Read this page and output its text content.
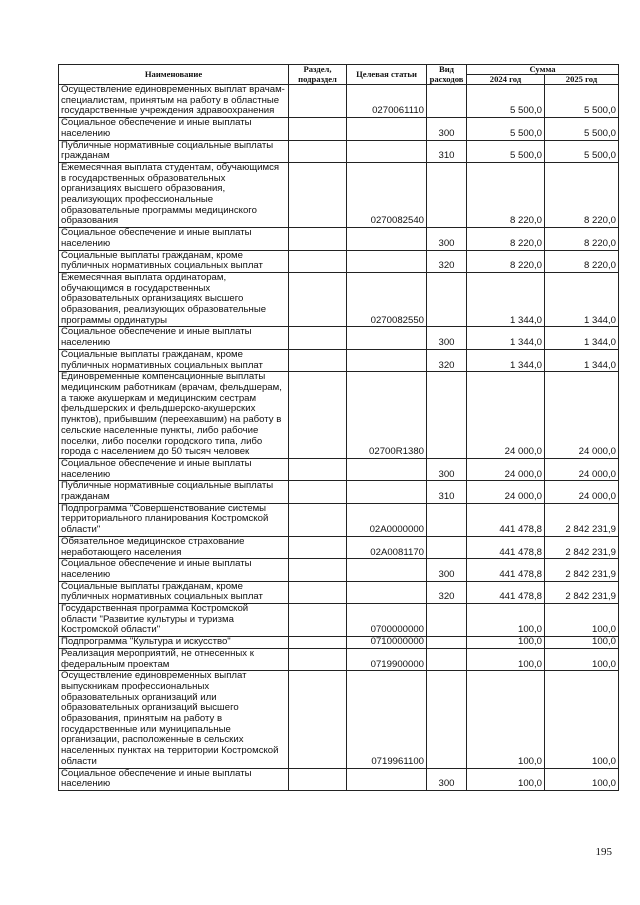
Наименование	Раздел, подраздел	Целевая статьи	Вид расходов	Сумма	
				2024 год	2025 год
Осуществление единовременных выплат врачам-специалистам, принятым на работу в областные государственные учреждения здравоохранения		0270061110		5 500,0	5 500,0
Социальное обеспечение и иные выплаты населению			300	5 500,0	5 500,0
Публичные нормативные социальные выплаты гражданам			310	5 500,0	5 500,0
Ежемесячная выплата студентам, обучающимся в государственных образовательных организациях высшего образования, реализующих профессиональные образовательные программы медицинского образования		0270082540		8 220,0	8 220,0
Социальное обеспечение и иные выплаты населению			300	8 220,0	8 220,0
Социальные выплаты гражданам, кроме публичных нормативных социальных выплат			320	8 220,0	8 220,0
Ежемесячная выплата ординаторам, обучающимся в государственных образовательных организациях высшего образования, реализующих образовательные программы ординатуры		0270082550		1 344,0	1 344,0
Социальное обеспечение и иные выплаты населению			300	1 344,0	1 344,0
Социальные выплаты гражданам, кроме публичных нормативных социальных выплат			320	1 344,0	1 344,0
Единовременные компенсационные выплаты медицинским работникам (врачам, фельдшерам, а также акушеркам и медицинским сестрам фельдшерских и фельдшерско-акушерских пунктов), прибывшим (переехавшим) на работу в сельские населенные пункты, либо рабочие поселки, либо поселки городского типа, либо города с населением до 50 тысяч человек		02700R1380		24 000,0	24 000,0
Социальное обеспечение и иные выплаты населению			300	24 000,0	24 000,0
Публичные нормативные социальные выплаты гражданам			310	24 000,0	24 000,0
Подпрограмма "Совершенствование системы территориального планирования Костромской области"		02А0000000		441 478,8	2 842 231,9
Обязательное медицинское страхование неработающего населения		02А0081170		441 478,8	2 842 231,9
Социальное обеспечение и иные выплаты населению			300	441 478,8	2 842 231,9
Социальные выплаты гражданам, кроме публичных нормативных социальных выплат			320	441 478,8	2 842 231,9
Государственная программа Костромской области "Развитие культуры и туризма Костромской области"		0700000000		100,0	100,0
Подпрограмма "Культура и искусство"		0710000000		100,0	100,0
Реализация мероприятий, не отнесенных к федеральным проектам		0719900000		100,0	100,0
Осуществление единовременных выплат выпускникам профессиональных образовательных организаций или образовательных организаций высшего образования, принятым на работу в государственные или муниципальные организации, расположенные в сельских населенных пунктах на территории Костромской области		0719961100		100,0	100,0
Социальное обеспечение и иные выплаты населению			300	100,0	100,0
195
